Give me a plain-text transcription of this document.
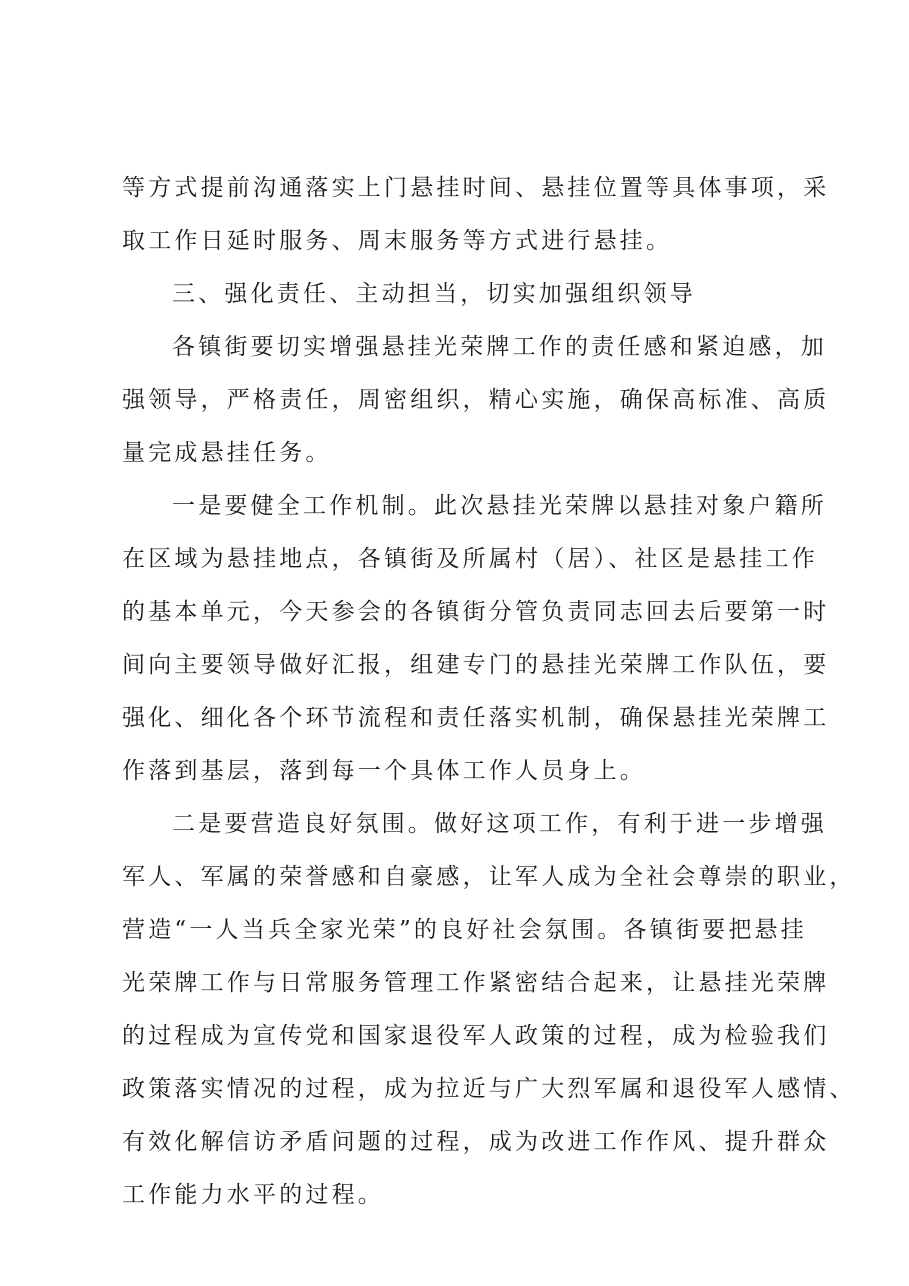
等方式提前沟通落实上门悬挂时间、悬挂位置等具体事项，采
取工作日延时服务、周末服务等方式进行悬挂。
三、强化责任、主动担当，切实加强组织领导
各镇街要切实增强悬挂光荣牌工作的责任感和紧迫感，加
强领导，严格责任，周密组织，精心实施，确保高标准、高质
量完成悬挂任务。
一是要健全工作机制。此次悬挂光荣牌以悬挂对象户籍所
在区域为悬挂地点，各镇街及所属村（居）、社区是悬挂工作
的基本单元，今天参会的各镇街分管负责同志回去后要第一时
间向主要领导做好汇报，组建专门的悬挂光荣牌工作队伍，要
强化、细化各个环节流程和责任落实机制，确保悬挂光荣牌工
作落到基层，落到每一个具体工作人员身上。
二是要营造良好氛围。做好这项工作，有利于进一步增强
军人、军属的荣誉感和自豪感，让军人成为全社会尊崇的职业，
营造“一人当兵全家光荣”的良好社会氛围。各镇街要把悬挂
光荣牌工作与日常服务管理工作紧密结合起来，让悬挂光荣牌
的过程成为宣传党和国家退役军人政策的过程，成为检验我们
政策落实情况的过程，成为拉近与广大烈军属和退役军人感情、
有效化解信访矛盾问题的过程，成为改进工作作风、提升群众
工作能力水平的过程。
